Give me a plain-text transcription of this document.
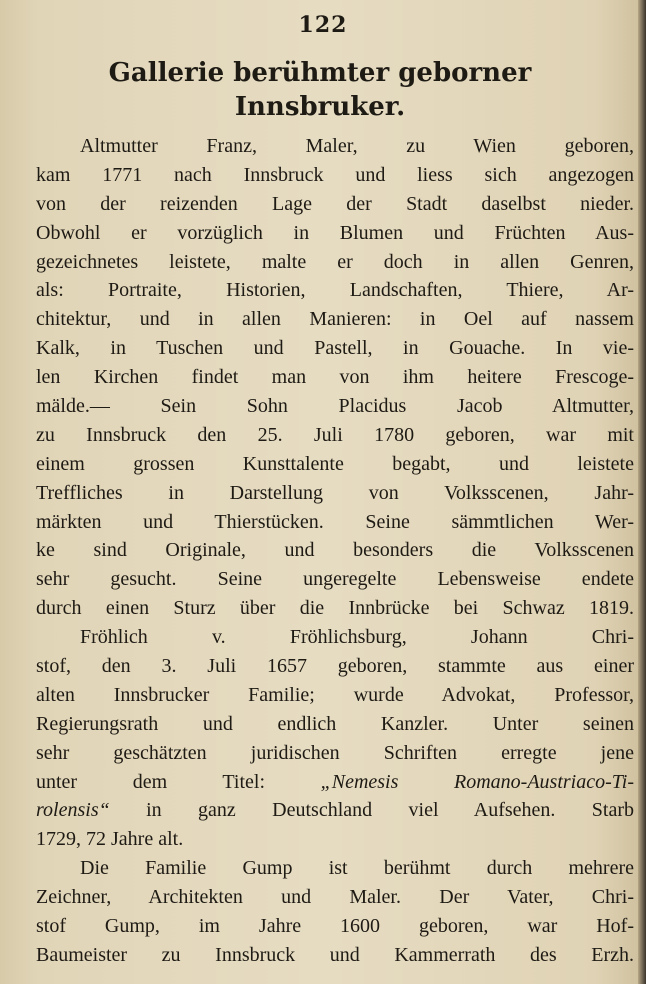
122
Gallerie berühmter geborner
Innsbruker.
Altmutter Franz, Maler, zu Wien geboren,
kam 1771 nach Innsbruck und liess sich angezogen
von der reizenden Lage der Stadt daselbst nieder.
Obwohl er vorzüglich in Blumen und Früchten Aus-
gezeichnetes leistete, malte er doch in allen Genren,
als: Portraite, Historien, Landschaften, Thiere, Ar-
chitektur, und in allen Manieren: in Oel auf nassem
Kalk, in Tuschen und Pastell, in Gouache. In vie-
len Kirchen findet man von ihm heitere Frescoge-
mälde.— Sein Sohn Placidus Jacob Altmutter,
zu Innsbruck den 25. Juli 1780 geboren, war mit
einem grossen Kunsttalente begabt, und leistete
Treffliches in Darstellung von Volksscenen, Jahr-
märkten und Thierstücken. Seine sämmtlichen Wer-
ke sind Originale, und besonders die Volksscenen
sehr gesucht. Seine ungeregelte Lebensweise endete
durch einen Sturz über die Innbrücke bei Schwaz 1819.
Fröhlich v. Fröhlichsburg, Johann Chri-
stof, den 3. Juli 1657 geboren, stammte aus einer
alten Innsbrucker Familie; wurde Advokat, Professor,
Regierungsrath und endlich Kanzler. Unter seinen
sehr geschätzten juridischen Schriften erregte jene
unter dem Titel:	„Nemesis Romano-Austriaco-Ti-
rolensis“ in ganz Deutschland viel Aufsehen. Starb
1729, 72 Jahre alt.
Die Familie Gump ist berühmt durch mehrere
Zeichner, Architekten und Maler. Der Vater, Chri-
stof Gump, im Jahre 1600 geboren, war Hof-
Baumeister zu Innsbruck und Kammerrath des Erzh.
